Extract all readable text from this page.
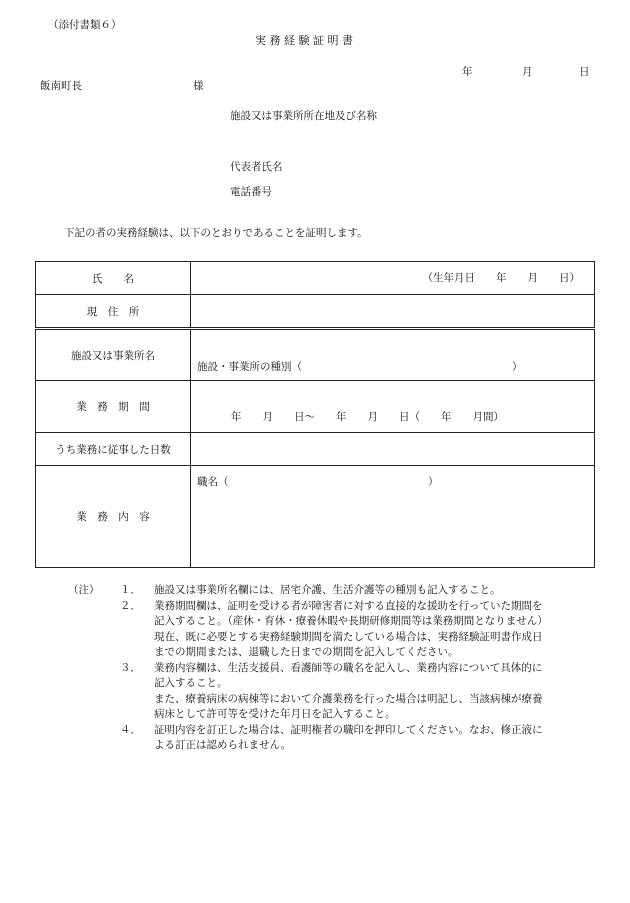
（添付書類６）
実 務 経 験 証 明 書
年	月	日
飯南町長	様
施設又は事業所所在地及び名称
代表者氏名
電話番号
下記の者の実務経験は、以下のとおりであることを証明します。
氏　　名	（生年月日　　年　　月　　日）

現　住　所	
施設又は事業所名	施設・事業所の種別（　　　　　　　　　　　　　　　　　　　　）

業　務　期　間	年　　月　　日〜　　年　　月　　日（　　年　　月間）

うち業務に従事した日数	
業　務　内　容	職名（　　　　　　　　　　　　　　　　　　　）
（注） １． 施設又は事業所名欄には、居宅介護、生活介護等の種別も記入すること。
２． 業務期間欄は、証明を受ける者が障害者に対する直接的な援助を行っていた期間を
記入すること。（産休・育休・療養休暇や長期研修期間等は業務期間となりません）
現在、既に必要とする実務経験期間を満たしている場合は、実務経験証明書作成日
までの期間または、退職した日までの期間を記入してください。
３． 業務内容欄は、生活支援員、看護師等の職名を記入し、業務内容について具体的に
記入すること。
また、療養病床の病棟等において介護業務を行った場合は明記し、当該病棟が療養
病床として許可等を受けた年月日を記入すること。
４． 証明内容を訂正した場合は、証明権者の職印を押印してください。なお、修正液に
よる訂正は認められません。
